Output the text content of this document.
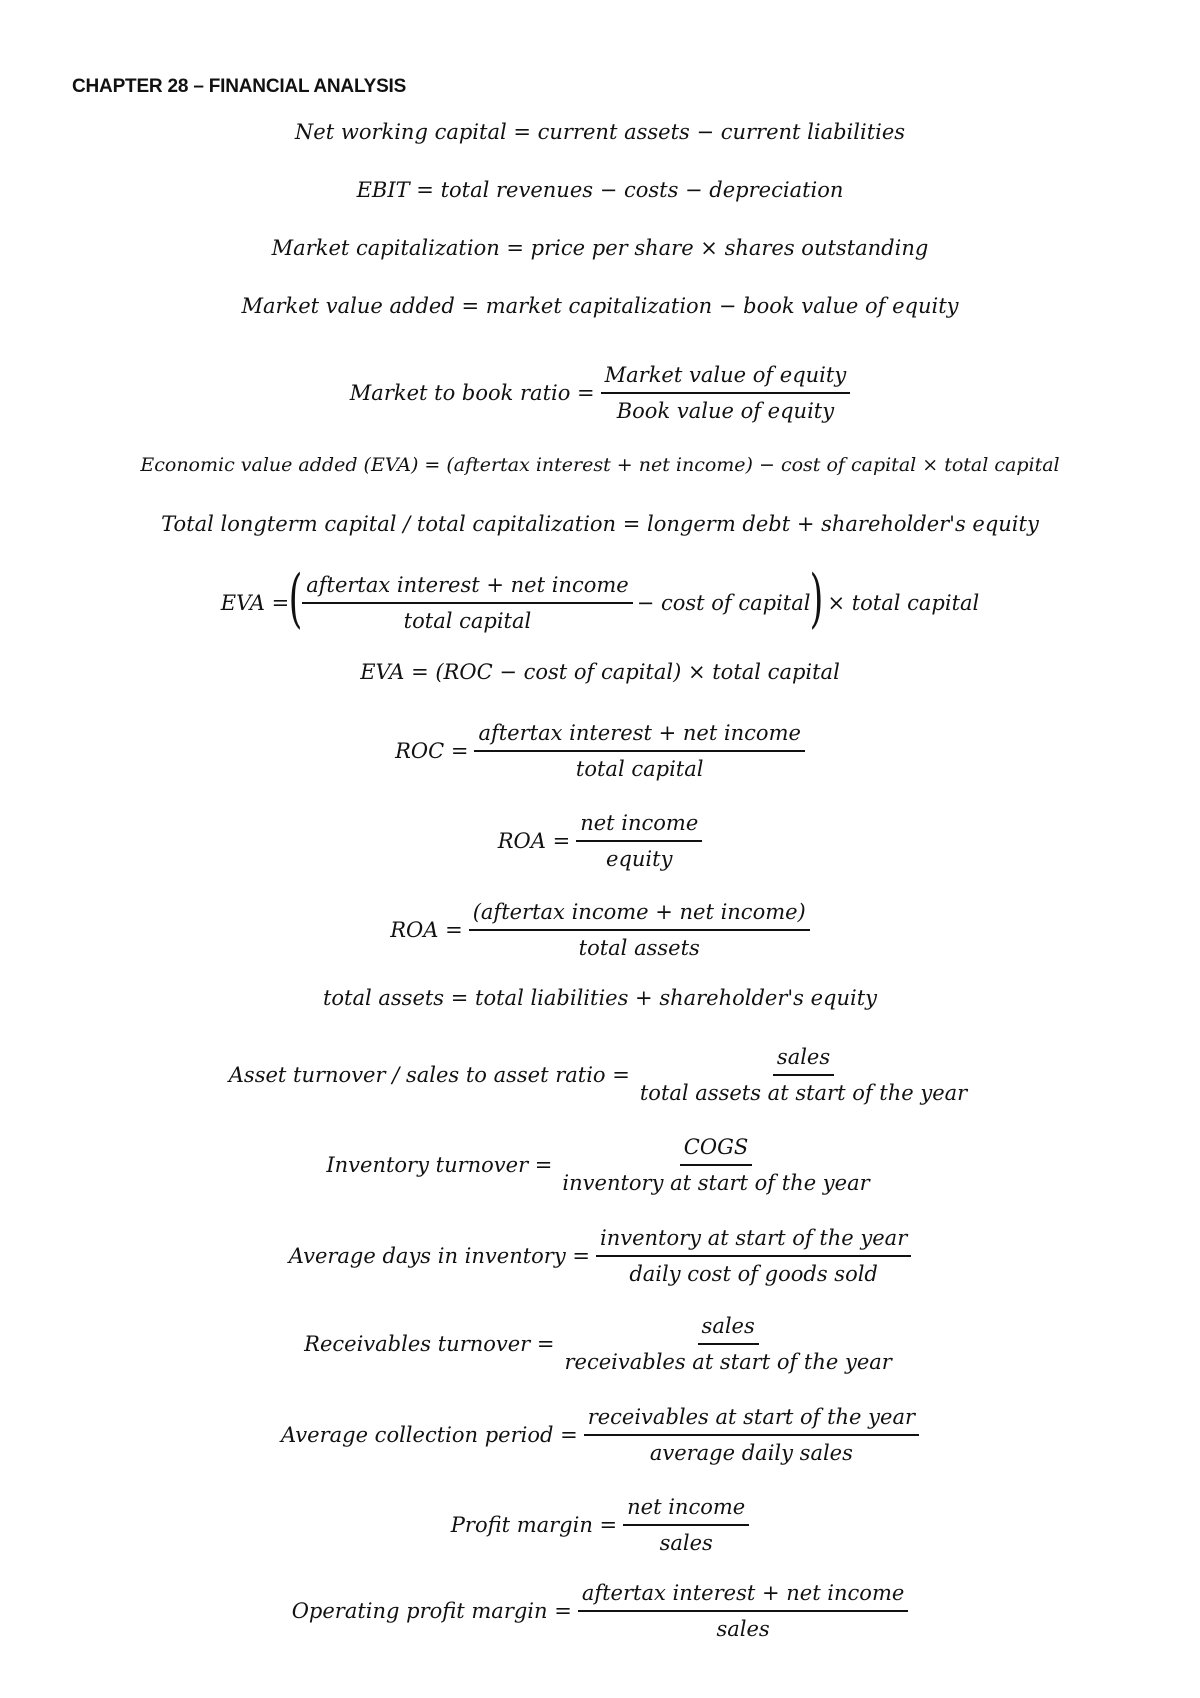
CHAPTER 28 – FINANCIAL ANALYSIS
Net working capital = current assets − current liabilities
EBIT = total revenues − costs − depreciation
Market capitalization = price per share × shares outstanding
Market value added = market capitalization − book value of equity
Market to book ratio = $\frac{\text{Market value of equity}}{\text{Book value of equity}}$
Economic value added (EVA) = (aftertax interest + net income) − cost of capital × total capital
Total longterm capital / total capitalization = longerm debt + shareholder's equity
EVA = ( $\frac{\text{aftertax interest + net income}}{\text{total capital}} - \cos t$ of capital ) × total capital
EVA = (ROC − cost of capital) × total capital
ROC = $\frac{\text{aftertax interest + net income}}{\text{total capital}}$
ROA = $\frac{\text{net income}}{\text{equity}}$
ROA = $\frac{\text{(aftertax income + net income)}}{\text{total assets}}$
total assets = total liabilities + shareholder's equity
Asset turnover / sales to asset ratio = $\frac{\text{sales}}{\text{total assets at start of the year}}$
Inventory turnover = $\frac{\text{COGS}}{\text{inventory at start of the year}}$
Average days in inventory = $\frac{\text{inventory at start of the year}}{\text{daily cost of goods sold}}$
Receivables turnover = $\frac{\text{sales}}{\text{receivables at start of the year}}$
Average collection period = $\frac{\text{receivables at start of the year}}{\text{average daily sales}}$
Profit margin = $\frac{\text{net income}}{\text{sales}}$
Operating profit margin = $\frac{\text{aftertax interest + net income}}{\text{sales}}$
